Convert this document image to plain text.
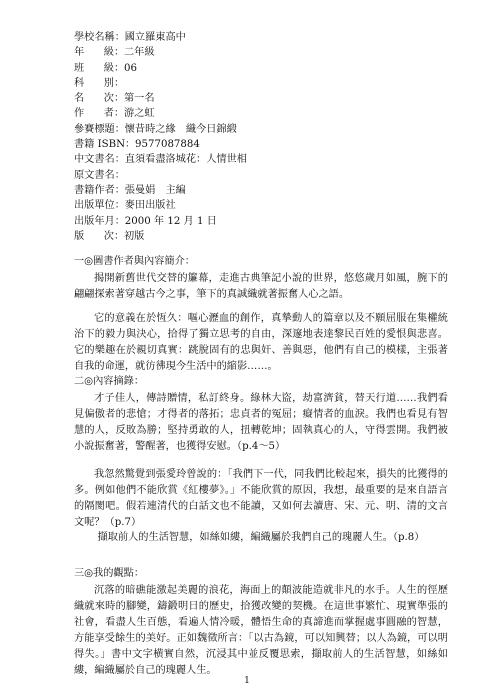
學校名稱 ： 國立羅東高中
年級 ： 二年級
班級 ： 06
科別 ：
名次 ： 第一名
作者 ： 游之虹
參賽標題 ： 懷昔時之緣　織今日錦緞
書籍 ISBN ： 9577087884
中文書名 ： 直須看盡洛城花：人情世相
原文書名 ：
書籍作者 ： 張曼娟　主編
出版單位 ： 麥田出版社
出版年月 ： 2000 年 12 月 1 日
版次 ： 初版

一◎圖書作者與內容簡介：

揭開新舊世代交替的簾幕，走進古典筆記小說的世界，悠悠歲月如風，腕下的翩翩探索著穿越古今之事，筆下的真誠織就著振奮人心之語。

它的意義在於恆久：嘔心瀝血的創作，真摯動人的篇章以及不願屈服在集權統治下的毅力與決心，拾得了獨立思考的自由，深邃地表達黎民百姓的愛恨與悲喜。它的樂趣在於親切真實：跳脫固有的忠與奸、善與惡，他們有自己的模樣，主張著自我的命運，就彷彿現今生活中的縮影……。

二◎內容摘錄：

才子佳人，傳詩贈情，私訂終身。綠林大盜，劫富濟貧，替天行道……我們看見偏傲者的悲愴；才得者的落拓；忠貞者的冤屈；癡情者的血淚。我們也看見有智慧的人，反敗為勝；堅持勇敢的人，扭轉乾坤；固執真心的人，守得雲開。我們被小說振奮著，警醒著，也獲得安慰。（p.4～5）

我忽然驚覺到張愛玲曾說的：「我們下一代，同我們比較起來，損失的比獲得的多。例如他們不能欣賞《紅樓夢》。」不能欣賞的原因，我想，最重要的是來自語言的隔閡吧。假若連清代的白話文也不能讀，又如何去讀唐、宋、元、明、清的文言文呢？（p.7）

擷取前人的生活智慧，如絲如縷，編織屬於我們自己的瑰麗人生。（p.8）

三◎我的觀點：

沉落的暗礁能激起美麗的浪花，海面上的顛波能造就非凡的水手。人生的徑歷織就來時的腳變，鑄鍛明日的歷史，拾獲改變的契機。在這世事繁忙、現實準張的社會，看盡人生百態，看遍人情冷暖，體悟生命的真諦進而掌握處事圓融的智慧，方能享受餘生的美好。正如魏徵所言：「以古為鏡，可以知興替；以人為鏡，可以明得失。」書中文字横實自然，沉浸其中並反覆思索，擷取前人的生活智慧，如絲如縷，編織屬於自己的瑰麗人生。

1
